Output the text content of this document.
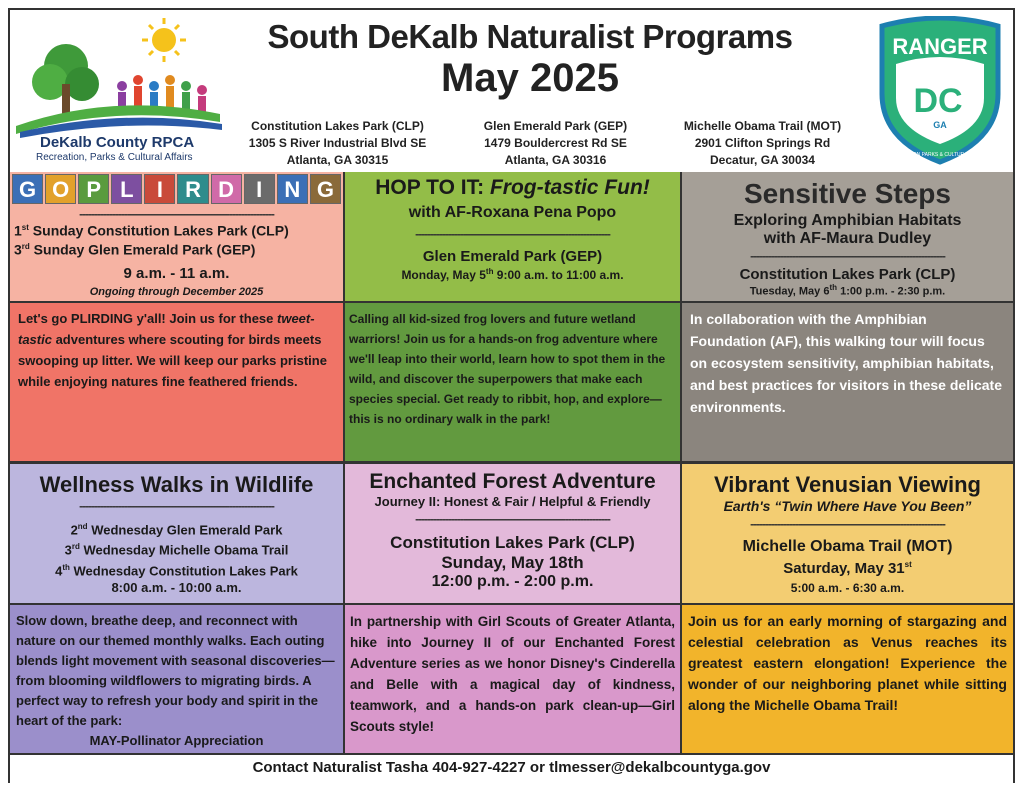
DeKalb County RPCA
Recreation, Parks & Cultural Affairs
South DeKalb Naturalist Programs
May 2025
Constitution Lakes Park (CLP)
1305 S River Industrial Blvd SE
Atlanta, GA 30315
Glen Emerald Park (GEP)
1479 Bouldercrest Rd SE
Atlanta, GA 30316
Michelle Obama Trail (MOT)
2901 Clifton Springs Rd
Decatur, GA 30034
RANGER
DC
GA
RECREATION PARKS & CULTURAL AFFAIRS
G O P L	I	R D	I	N G
-----------------------------------------------------------------
1st Sunday Constitution Lakes Park (CLP)
3rd Sunday Glen Emerald Park (GEP)
9 a.m. - 11 a.m.
Ongoing through December 2025
Let's go PLIRDING y'all! Join us for these tweet-tastic adventures where scouting for birds meets swooping up litter. We will keep our parks pristine while enjoying natures fine feathered friends.
HOP TO IT: Frog-tastic Fun!
with AF-Roxana Pena Popo
-----------------------------------------------------------------
Glen Emerald Park (GEP)
Monday, May 5th 9:00 a.m. to 11:00 a.m.
Calling all kid-sized frog lovers and future wetland warriors! Join us for a hands-on frog adventure where we'll leap into their world, learn how to spot them in the wild, and discover the superpowers that make each species special. Get ready to ribbit, hop, and explore—this is no ordinary walk in the park!
Sensitive Steps
Exploring Amphibian Habitats
with AF-Maura Dudley
-----------------------------------------------------------------
Constitution Lakes Park (CLP)
Tuesday, May 6th 1:00 p.m. - 2:30 p.m.
In collaboration with the Amphibian Foundation (AF), this walking tour will focus on ecosystem sensitivity, amphibian habitats, and best practices for visitors in these delicate environments.
Wellness Walks in Wildlife
-----------------------------------------------------------------
2nd Wednesday Glen Emerald Park
3rd Wednesday Michelle Obama Trail
4th Wednesday Constitution Lakes Park
8:00 a.m. - 10:00 a.m.
Slow down, breathe deep, and reconnect with nature on our themed monthly walks. Each outing blends light movement with seasonal discoveries—from blooming wildflowers to migrating birds. A perfect way to refresh your body and spirit in the heart of the park:
MAY-Pollinator Appreciation
Enchanted Forest Adventure
Journey II: Honest & Fair / Helpful & Friendly
-----------------------------------------------------------------
Constitution Lakes Park (CLP)
Sunday, May 18th
12:00 p.m. - 2:00 p.m.
In partnership with Girl Scouts of Greater Atlanta, hike into Journey II of our Enchanted Forest Adventure series as we honor Disney's Cinderella and Belle with a magical day of kindness, teamwork, and a hands-on park clean-up—Girl Scouts style!
Vibrant Venusian Viewing
Earth's “Twin Where Have You Been”
-----------------------------------------------------------------
Michelle Obama Trail (MOT)
Saturday, May 31st
5:00 a.m. - 6:30 a.m.
Join us for an early morning of stargazing and celestial celebration as Venus reaches its greatest eastern elongation! Experience the wonder of our neighboring planet while sitting along the Michelle Obama Trail!
Contact Naturalist Tasha 404-927-4227 or tlmesser@dekalbcountyga.gov
